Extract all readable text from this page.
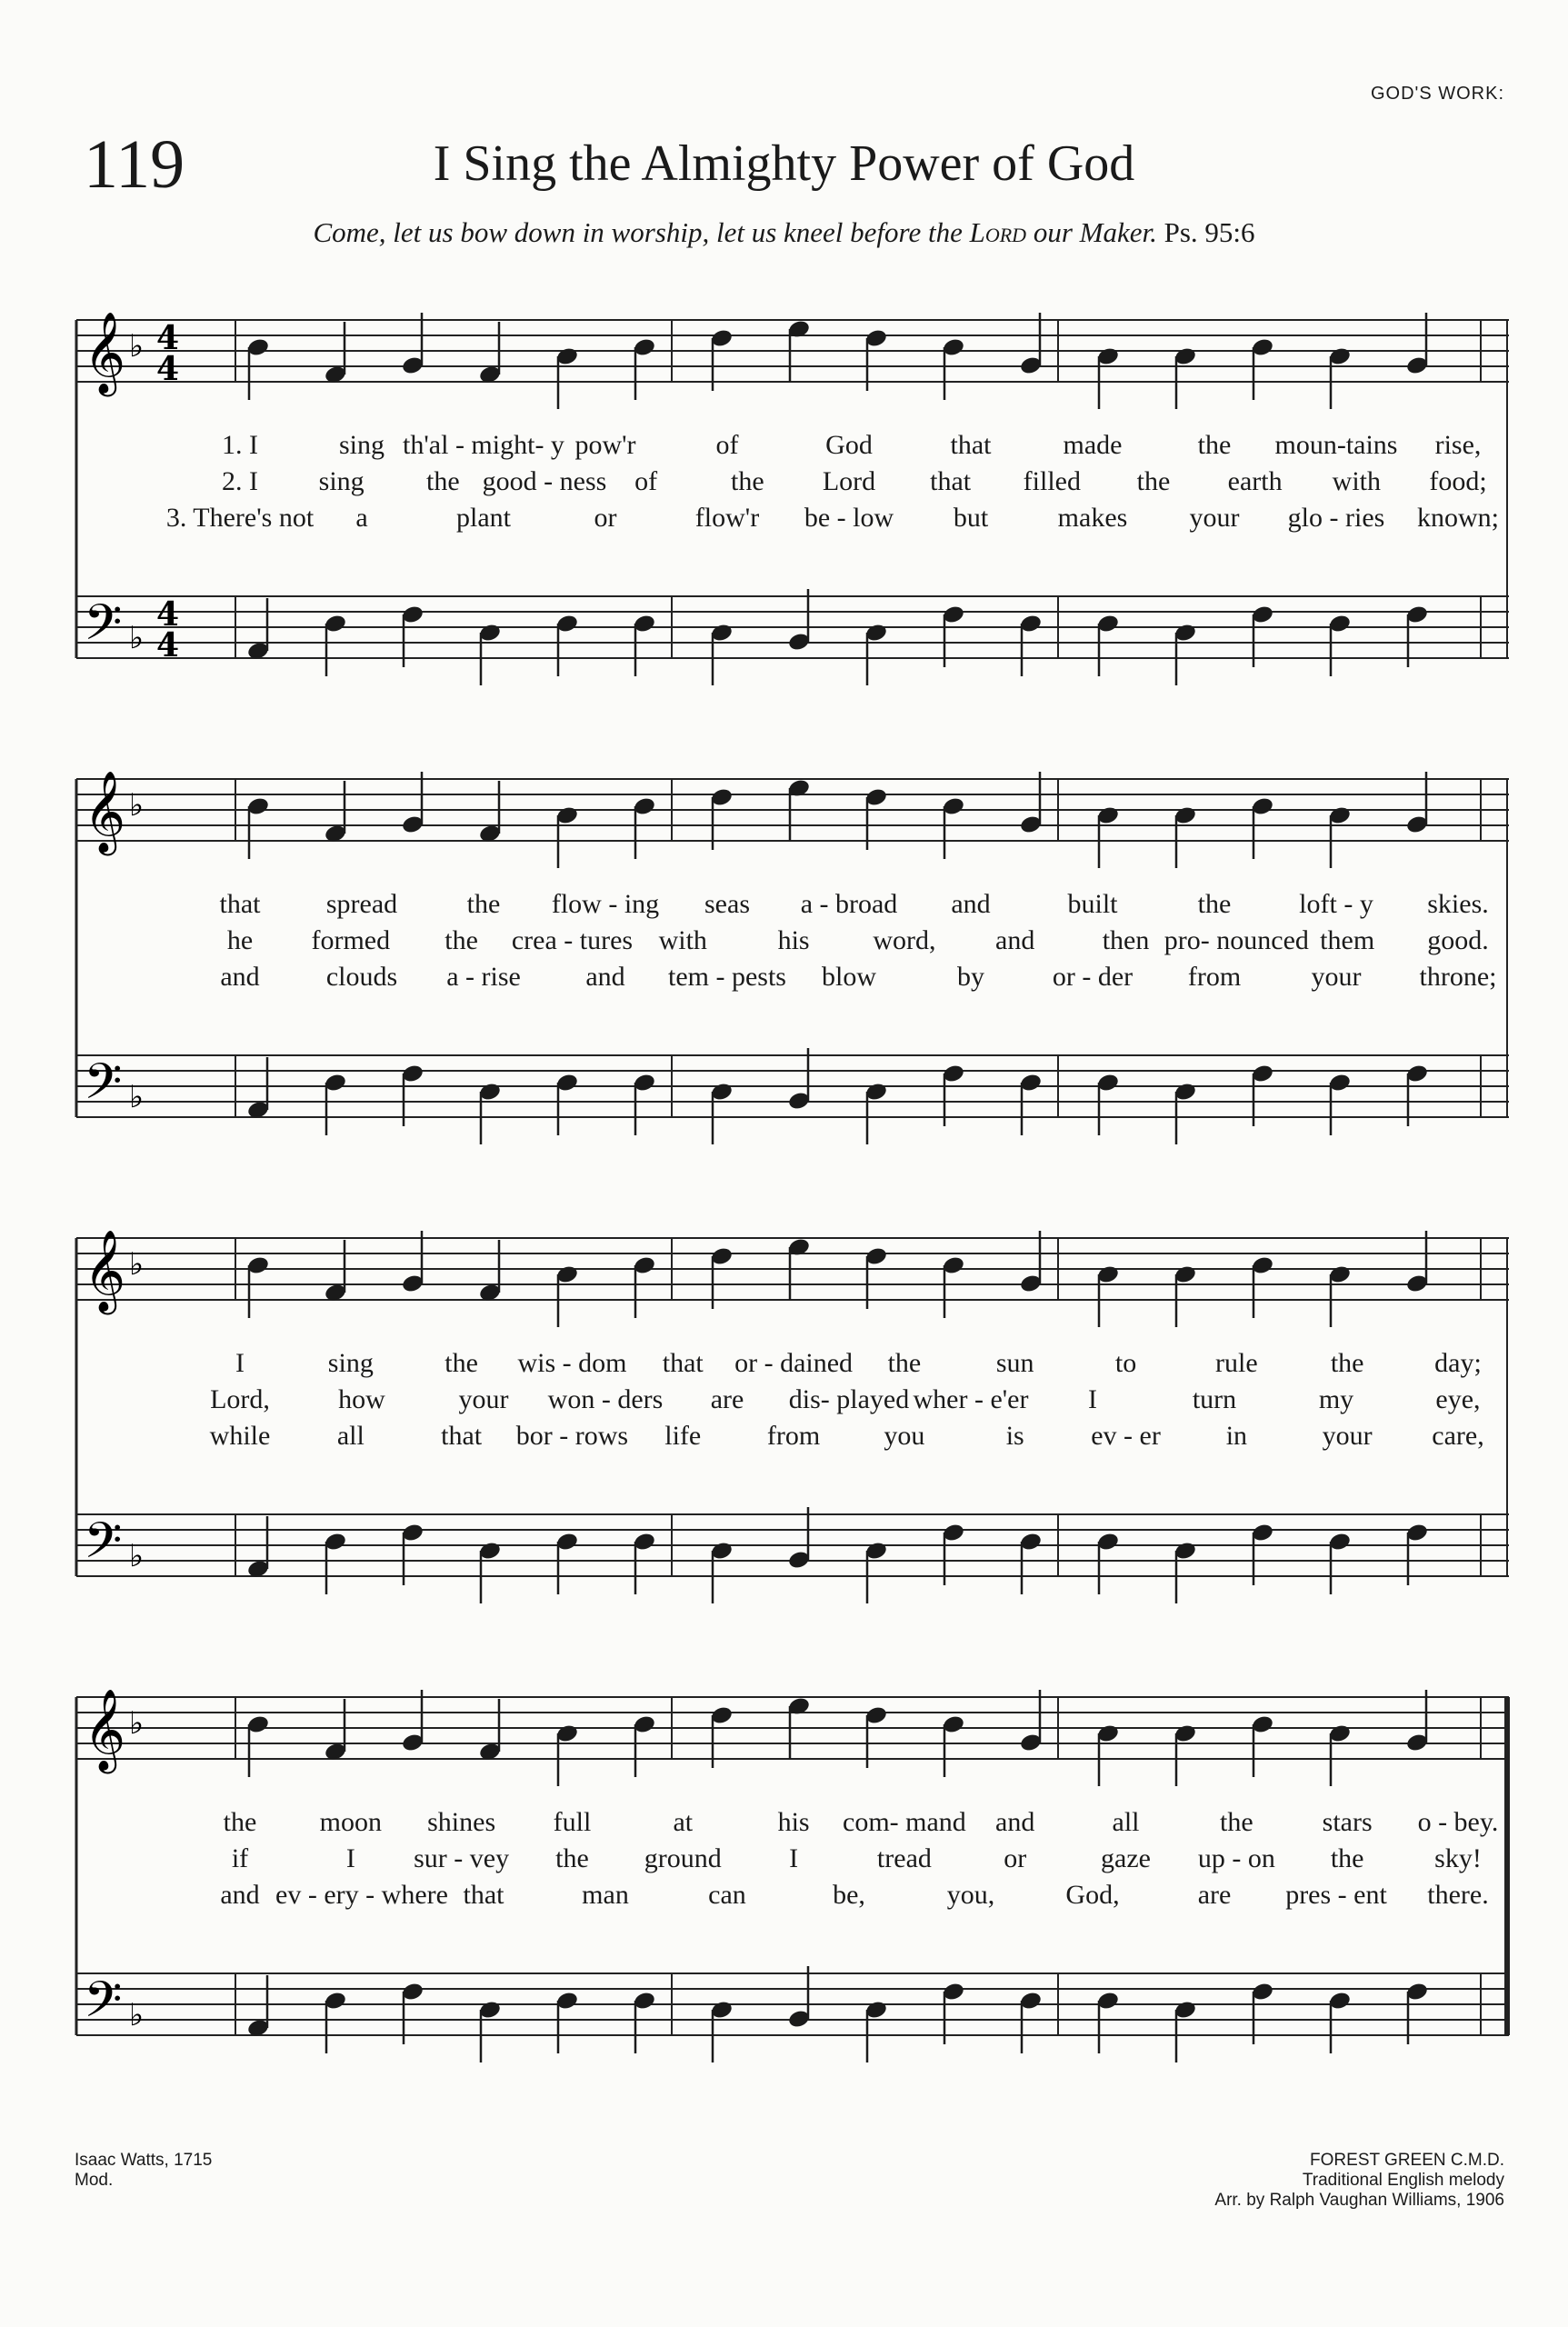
GOD'S WORK:
119	I Sing the Almighty Power of God
Come, let us bow down in worship, let us kneel before the Lord our Maker. Ps. 95:6
𝄞
𝄢
♭
♭
4
4
4
4
1. I	sing th'al - might- y pow'r	of	God	that	made	the moun-tains rise,
2. I sing the good - ness of	the Lord that filled the earth with food;
3. There's not a	plant	or	flow'r be - low but	makes your glo - ries known;
𝄞
𝄢
♭
♭
that spread	the flow - ing seas a - broad and	built	the loft - y skies.
he formed the crea - tures with	his word, and then pro- nounced them good.
and clouds a - rise and tem - pests blow	by or - der from	your throne;
𝄞
𝄢
♭
♭
I	sing	the wis - dom that or - dained the	sun	to	rule	the	day;
Lord,	how	your won - ders are dis- played wher - e'er I	turn	my	eye,
while all	that bor - rows life from you	is ev - er in	your care,
𝄞
𝄢
♭
♭
the moon shines full	at	his com- mand and	all	the	stars o - bey.
if	I sur - vey the ground I	tread	or	gaze up - on the	sky!
and ev - ery - where that	man	can	be,	you,	God,	are pres - ent there.
Isaac Watts, 1715
Mod.
FOREST GREEN C.M.D.
Traditional English melody
Arr. by Ralph Vaughan Williams, 1906
